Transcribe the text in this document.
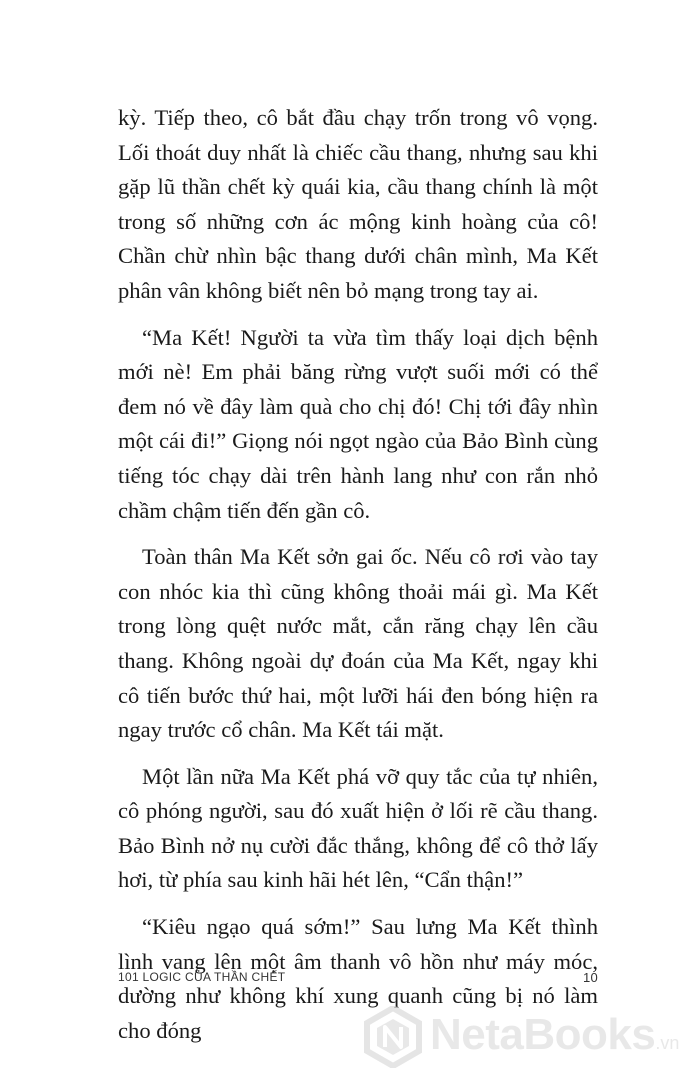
kỳ. Tiếp theo, cô bắt đầu chạy trốn trong vô vọng. Lối thoát duy nhất là chiếc cầu thang, nhưng sau khi gặp lũ thần chết kỳ quái kia, cầu thang chính là một trong số những cơn ác mộng kinh hoàng của cô! Chần chừ nhìn bậc thang dưới chân mình, Ma Kết phân vân không biết nên bỏ mạng trong tay ai.

“Ma Kết! Người ta vừa tìm thấy loại dịch bệnh mới nè! Em phải băng rừng vượt suối mới có thể đem nó về đây làm quà cho chị đó! Chị tới đây nhìn một cái đi!” Giọng nói ngọt ngào của Bảo Bình cùng tiếng tóc chạy dài trên hành lang như con rắn nhỏ chầm chậm tiến đến gần cô.

Toàn thân Ma Kết sởn gai ốc. Nếu cô rơi vào tay con nhóc kia thì cũng không thoải mái gì. Ma Kết trong lòng quệt nước mắt, cắn răng chạy lên cầu thang. Không ngoài dự đoán của Ma Kết, ngay khi cô tiến bước thứ hai, một lưỡi hái đen bóng hiện ra ngay trước cổ chân. Ma Kết tái mặt.

Một lần nữa Ma Kết phá vỡ quy tắc của tự nhiên, cô phóng người, sau đó xuất hiện ở lối rẽ cầu thang. Bảo Bình nở nụ cười đắc thắng, không để cô thở lấy hơi, từ phía sau kinh hãi hét lên, “Cẩn thận!”

“Kiêu ngạo quá sớm!” Sau lưng Ma Kết thình lình vang lên một âm thanh vô hồn như máy móc, dường như không khí xung quanh cũng bị nó làm cho đóng

101 LOGIC CỦA THẦN CHẾT	10
NetaBooks.vn
